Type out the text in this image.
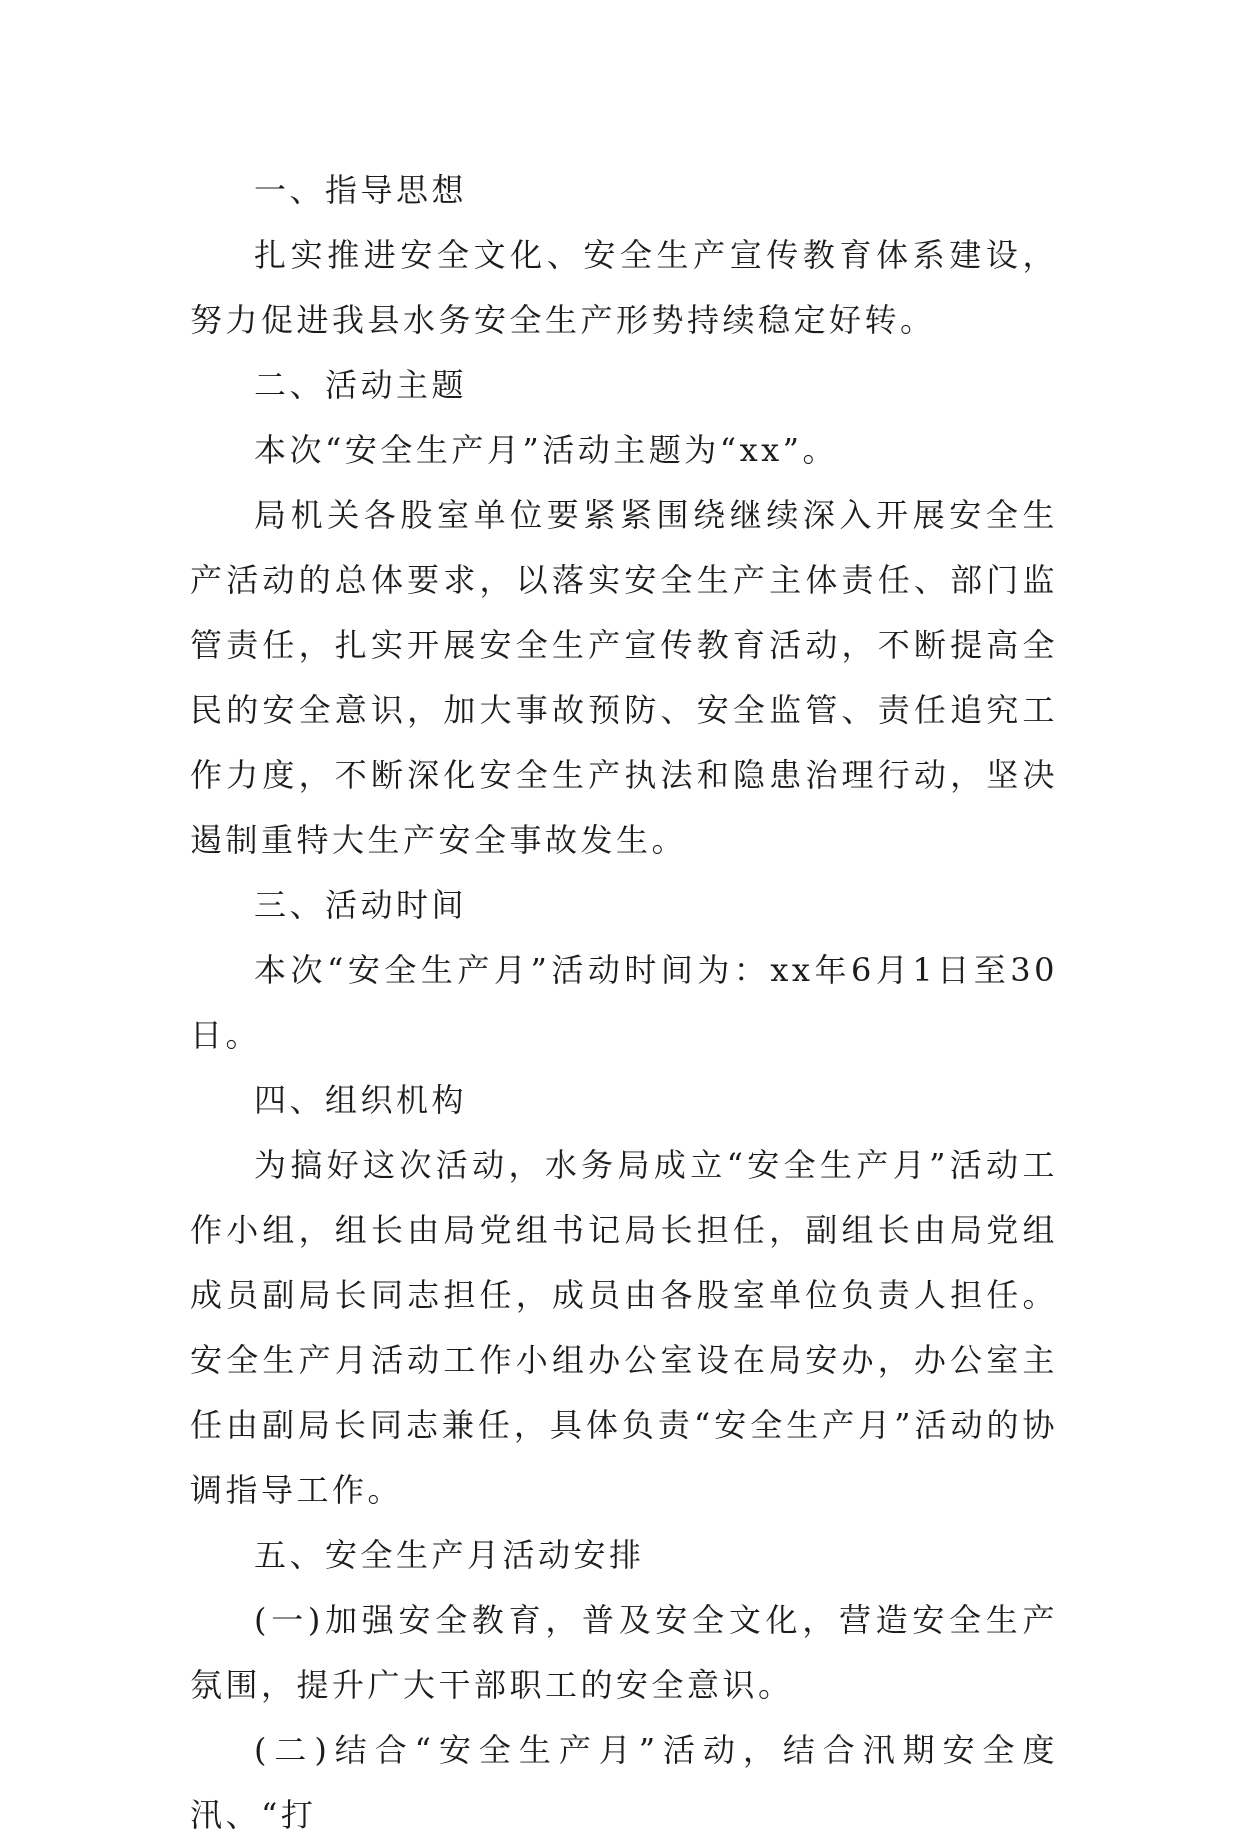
一、指导思想

扎实推进安全文化、安全生产宣传教育体系建设，努力促进我县水务安全生产形势持续稳定好转。

二、活动主题

本次“安全生产月”活动主题为“xx”。

局机关各股室单位要紧紧围绕继续深入开展安全生产活动的总体要求，以落实安全生产主体责任、部门监管责任，扎实开展安全生产宣传教育活动，不断提高全民的安全意识，加大事故预防、安全监管、责任追究工作力度，不断深化安全生产执法和隐患治理行动，坚决遏制重特大生产安全事故发生。

三、活动时间

本次“安全生产月”活动时间为：xx年6月1日至30日。

四、组织机构

为搞好这次活动，水务局成立“安全生产月”活动工作小组，组长由局党组书记局长担任，副组长由局党组成员副局长同志担任，成员由各股室单位负责人担任。安全生产月活动工作小组办公室设在局安办，办公室主任由副局长同志兼任，具体负责“安全生产月”活动的协调指导工作。

五、安全生产月活动安排

(一)加强安全教育，普及安全文化，营造安全生产氛围，提升广大干部职工的安全意识。

(二)结合“安全生产月”活动，结合汛期安全度汛、“打
